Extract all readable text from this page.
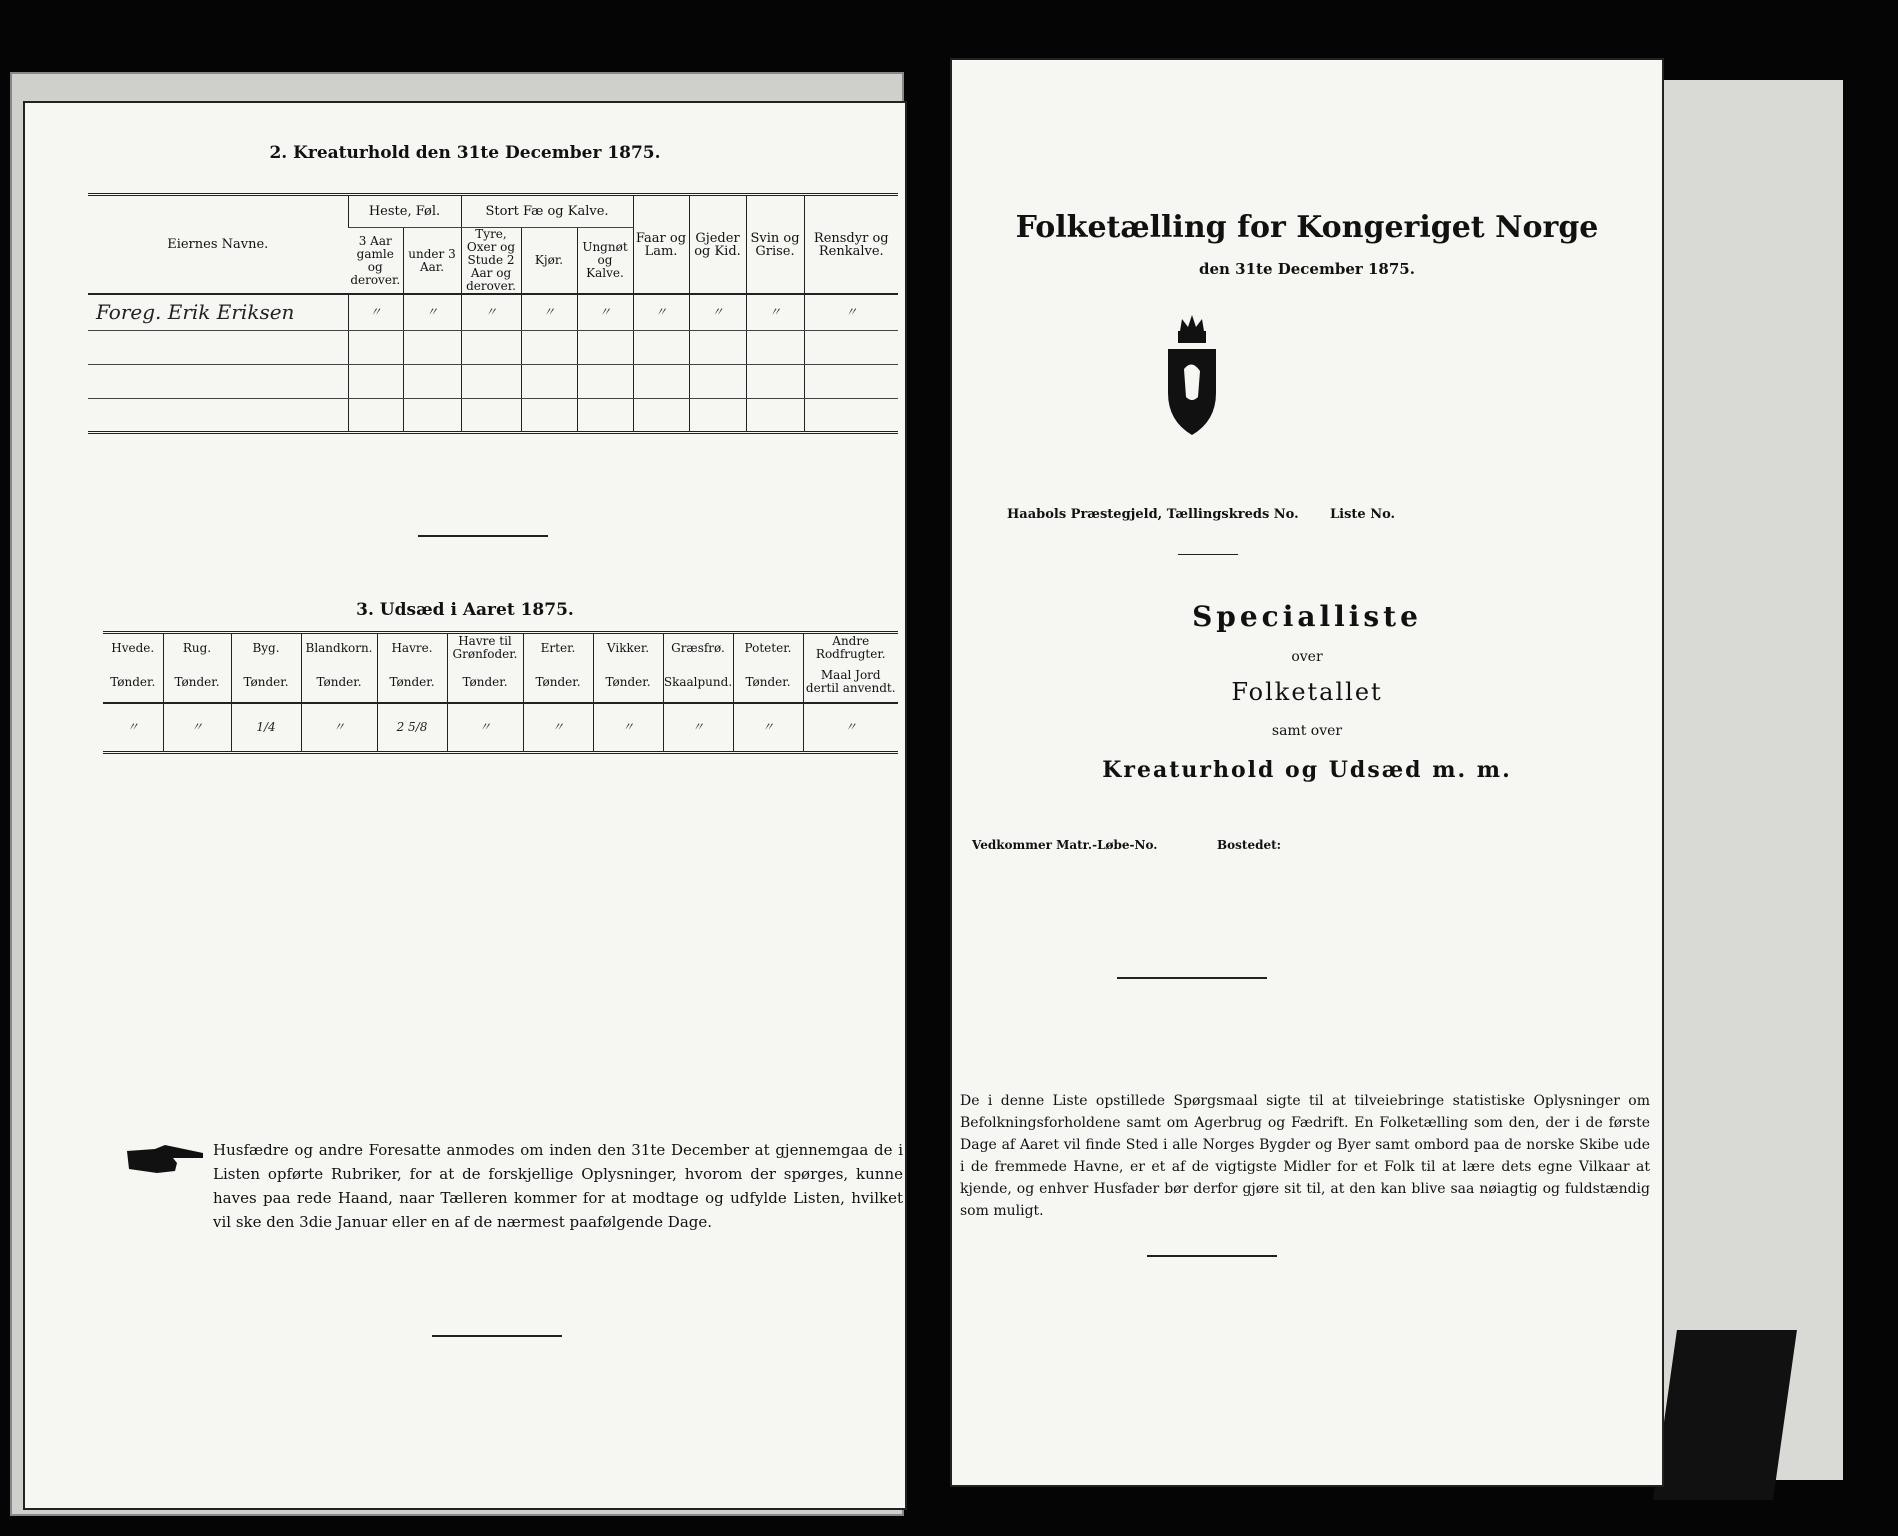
2. Kreaturhold den 31te December 1875.
Eiernes Navne.	Heste, Føl.		Stort Fæ og Kalve.			Faar og Lam.	Gjeder og Kid.	Svin og Grise.	Rensdyr og Renkalve.
	3 Aar gamle og derover.	under 3 Aar.	Tyre, Oxer og Stude 2 Aar og derover.	Kjør.	Ungnøt og Kalve.				
Foreg. Erik Eriksen	〃	〃	〃	〃	〃	〃	〃	〃	〃

3. Udsæd i Aaret 1875.
Hvede.	Rug.	Byg.	Blandkorn.	Havre.	Havre til Grønfoder.	Erter.	Vikker.	Græsfrø.	Poteter.	Andre Rodfrugter.
Tønder.	Tønder.	Tønder.	Tønder.	Tønder.	Tønder.	Tønder.	Tønder.	Skaalpund.	Tønder.	Maal Jord dertil anvendt.
〃	〃	1/4	〃	2 5/8	〃	〃	〃	〃	〃	〃
Husfædre og andre Foresatte anmodes om inden den 31te December at gjennemgaa de i Listen opførte Rubriker, for at de forskjellige Oplysninger, hvorom der spørges, kunne haves paa rede Haand, naar Tælleren kommer for at modtage og udfylde Listen, hvilket vil ske den 3die Januar eller en af de nærmest paafølgende Dage.
Folketælling for Kongeriget Norge
den 31te December 1875.
Haabols Præstegjeld, Tællingskreds No. Liste No.
Specialliste
over
Folketallet
samt over
Kreaturhold og Udsæd m. m.
Vedkommer Matr.-Løbe-No.	Bostedet:
De i denne Liste opstillede Spørgsmaal sigte til at tilveiebringe statistiske Oplysninger om Befolkningsforholdene samt om Agerbrug og Fædrift. En Folketælling som den, der i de første Dage af Aaret vil finde Sted i alle Norges Bygder og Byer samt ombord paa de norske Skibe ude i de fremmede Havne, er et af de vigtigste Midler for et Folk til at lære dets egne Vilkaar at kjende, og enhver Husfader bør derfor gjøre sit til, at den kan blive saa nøiagtig og fuldstændig som muligt.
